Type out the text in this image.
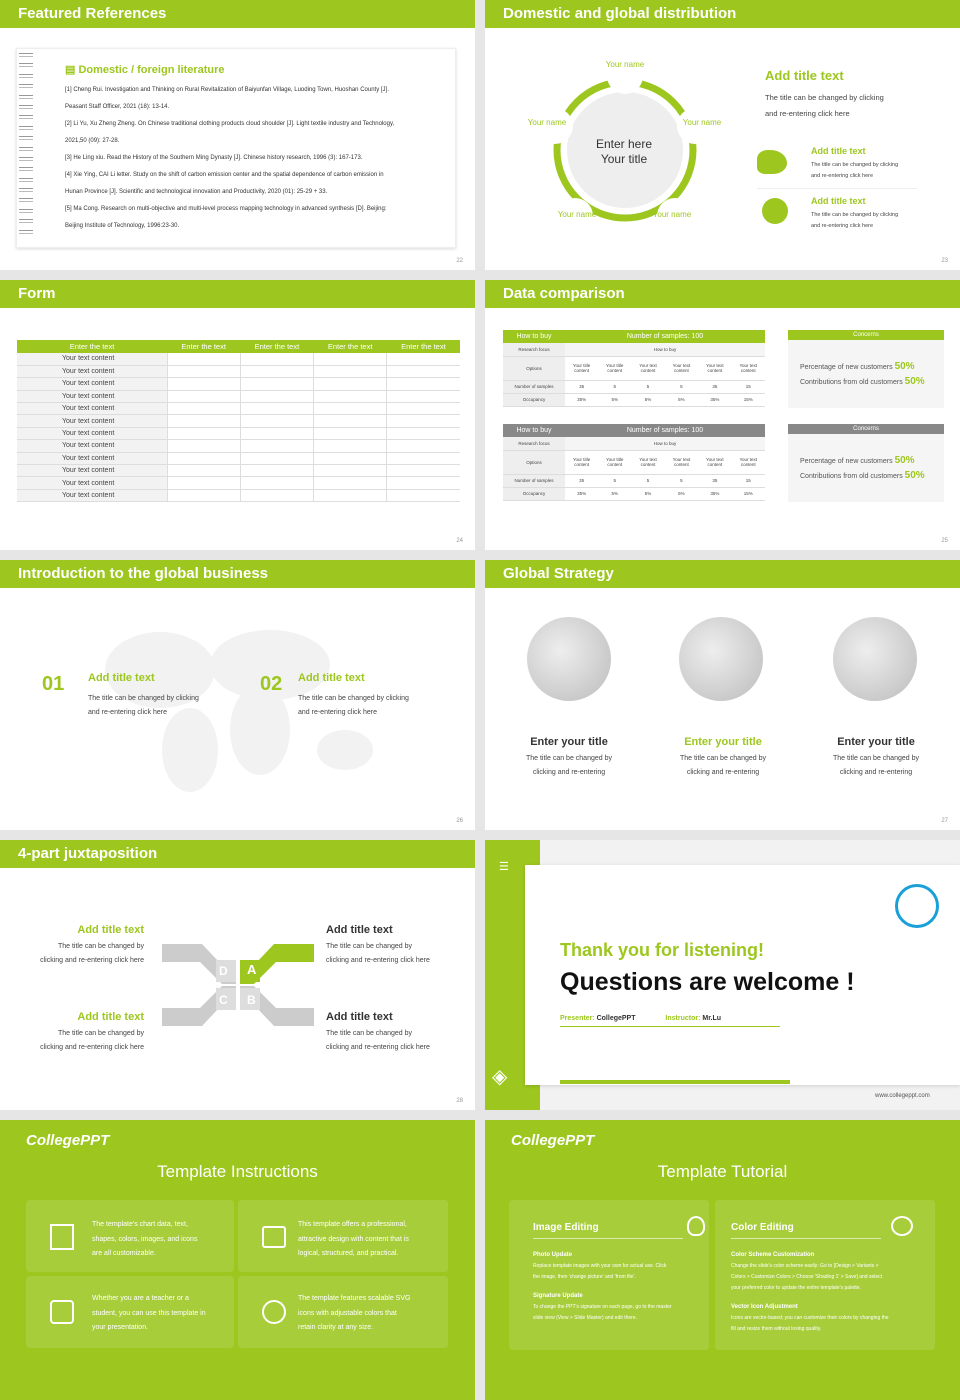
Featured References
▤ Domestic / foreign literature
[1] Cheng Rui. Investigation and Thinking on Rural Revitalization of Baiyunfan Village, Luoding Town, Huoshan County [J].
Peasant Staff Officer, 2021 (18): 13-14.
[2] Li Yu, Xu Zheng Zheng. On Chinese traditional clothing products cloud shoulder [J]. Light textile industry and Technology,
2021,50 (09): 27-28.
[3] He Ling xiu. Read the History of the Southern Ming Dynasty [J]. Chinese history research, 1996 (3): 167-173.
[4] Xie Ying, CAI Li letter. Study on the shift of carbon emission center and the spatial dependence of carbon emission in
Hunan Province [J]. Scientific and technological innovation and Productivity, 2020 (01): 25-29 + 33.
[5] Ma Cong. Research on multi-objective and multi-level process mapping technology in advanced synthesis [D]. Beijing:
Beijing Institute of Technology, 1996:23-30.
22
Domestic and global distribution
Your name
Your name	Your name
Your name	Your name
Enter here
Your title
Add title text
The title can be changed by clicking
and re-entering click here
Add title text
The title can be changed by clicking
and re-entering click here
Add title text
The title can be changed by clicking
and re-entering click here
23
Form
Enter the text	Enter the text	Enter the text	Enter the text	Enter the text
Your text content				
Your text content				
Your text content				
Your text content				
Your text content				
Your text content				
Your text content				
Your text content				
Your text content				
Your text content				
Your text content				
Your text content				
24
Data comparison
How to buy	Number of samples: 100
Research focus	How to buy					
Options	Your title content	Your title content	Your text content	Your text content	Your text content	Your text content
Number of samples	35	5	5	5	35	15
Occupancy	35%	5%	5%	5%	35%	15%
How to buy	Number of samples: 100
Research focus	How to buy					
Options	Your title content	Your title content	Your text content	Your text content	Your text content	Your text content
Number of samples	35	5	5	5	35	15
Occupancy	35%	5%	5%	5%	35%	15%
Concerns

Percentage of new customers 50%

Contributions from old customers 50%

Concerns

Percentage of new customers 50%

Contributions from old customers 50%

25
Introduction to the global business
01 Add title text
The title can be changed by clicking
and re-entering click here
02 Add title text
The title can be changed by clicking
and re-entering click here
26
Global Strategy
Enter your title
The title can be changed by
clicking and re-entering
Enter your title
The title can be changed by
clicking and re-entering
Enter your title
The title can be changed by
clicking and re-entering
27
4-part juxtaposition
D A
C B
Add title text
The title can be changed by
clicking and re-entering click here
Add title text
The title can be changed by
clicking and re-entering click here
Add title text
The title can be changed by
clicking and re-entering click here
Add title text
The title can be changed by
clicking and re-entering click here
28
☰
◈
Thank you for listening!
Questions are welcome !
Presenter: CollegePPT	Instructor: Mr.Lu
www.collegeppt.com
CollegePPT
Template Instructions
The template's chart data, text,
shapes, colors, images, and icons
are all customizable.
This template offers a professional,
attractive design with content that is
logical, structured, and practical.
Whether you are a teacher or a
student, you can use this template in
your presentation.
The template features scalable SVG
icons with adjustable colors that
retain clarity at any size.
CollegePPT
Template Tutorial
Image Editing
Photo Update
Replace template images with your own for actual use. Click
the image, then 'change picture' and 'from file'.
Signature Update
To change the PPT's signature on each page, go to the master
slide view (View > Slide Master) and edit there.
Color Editing
Color Scheme Customization
Change the slide's color scheme easily: Go to [Design > Variants >
Colors > Customize Colors > Choose 'Shading 1' > Save] and select
your preferred color to update the entire template's palette.
Vector Icon Adjustment
Icons are vector-based; you can customize their colors by changing the
fill and resize them without losing quality.
